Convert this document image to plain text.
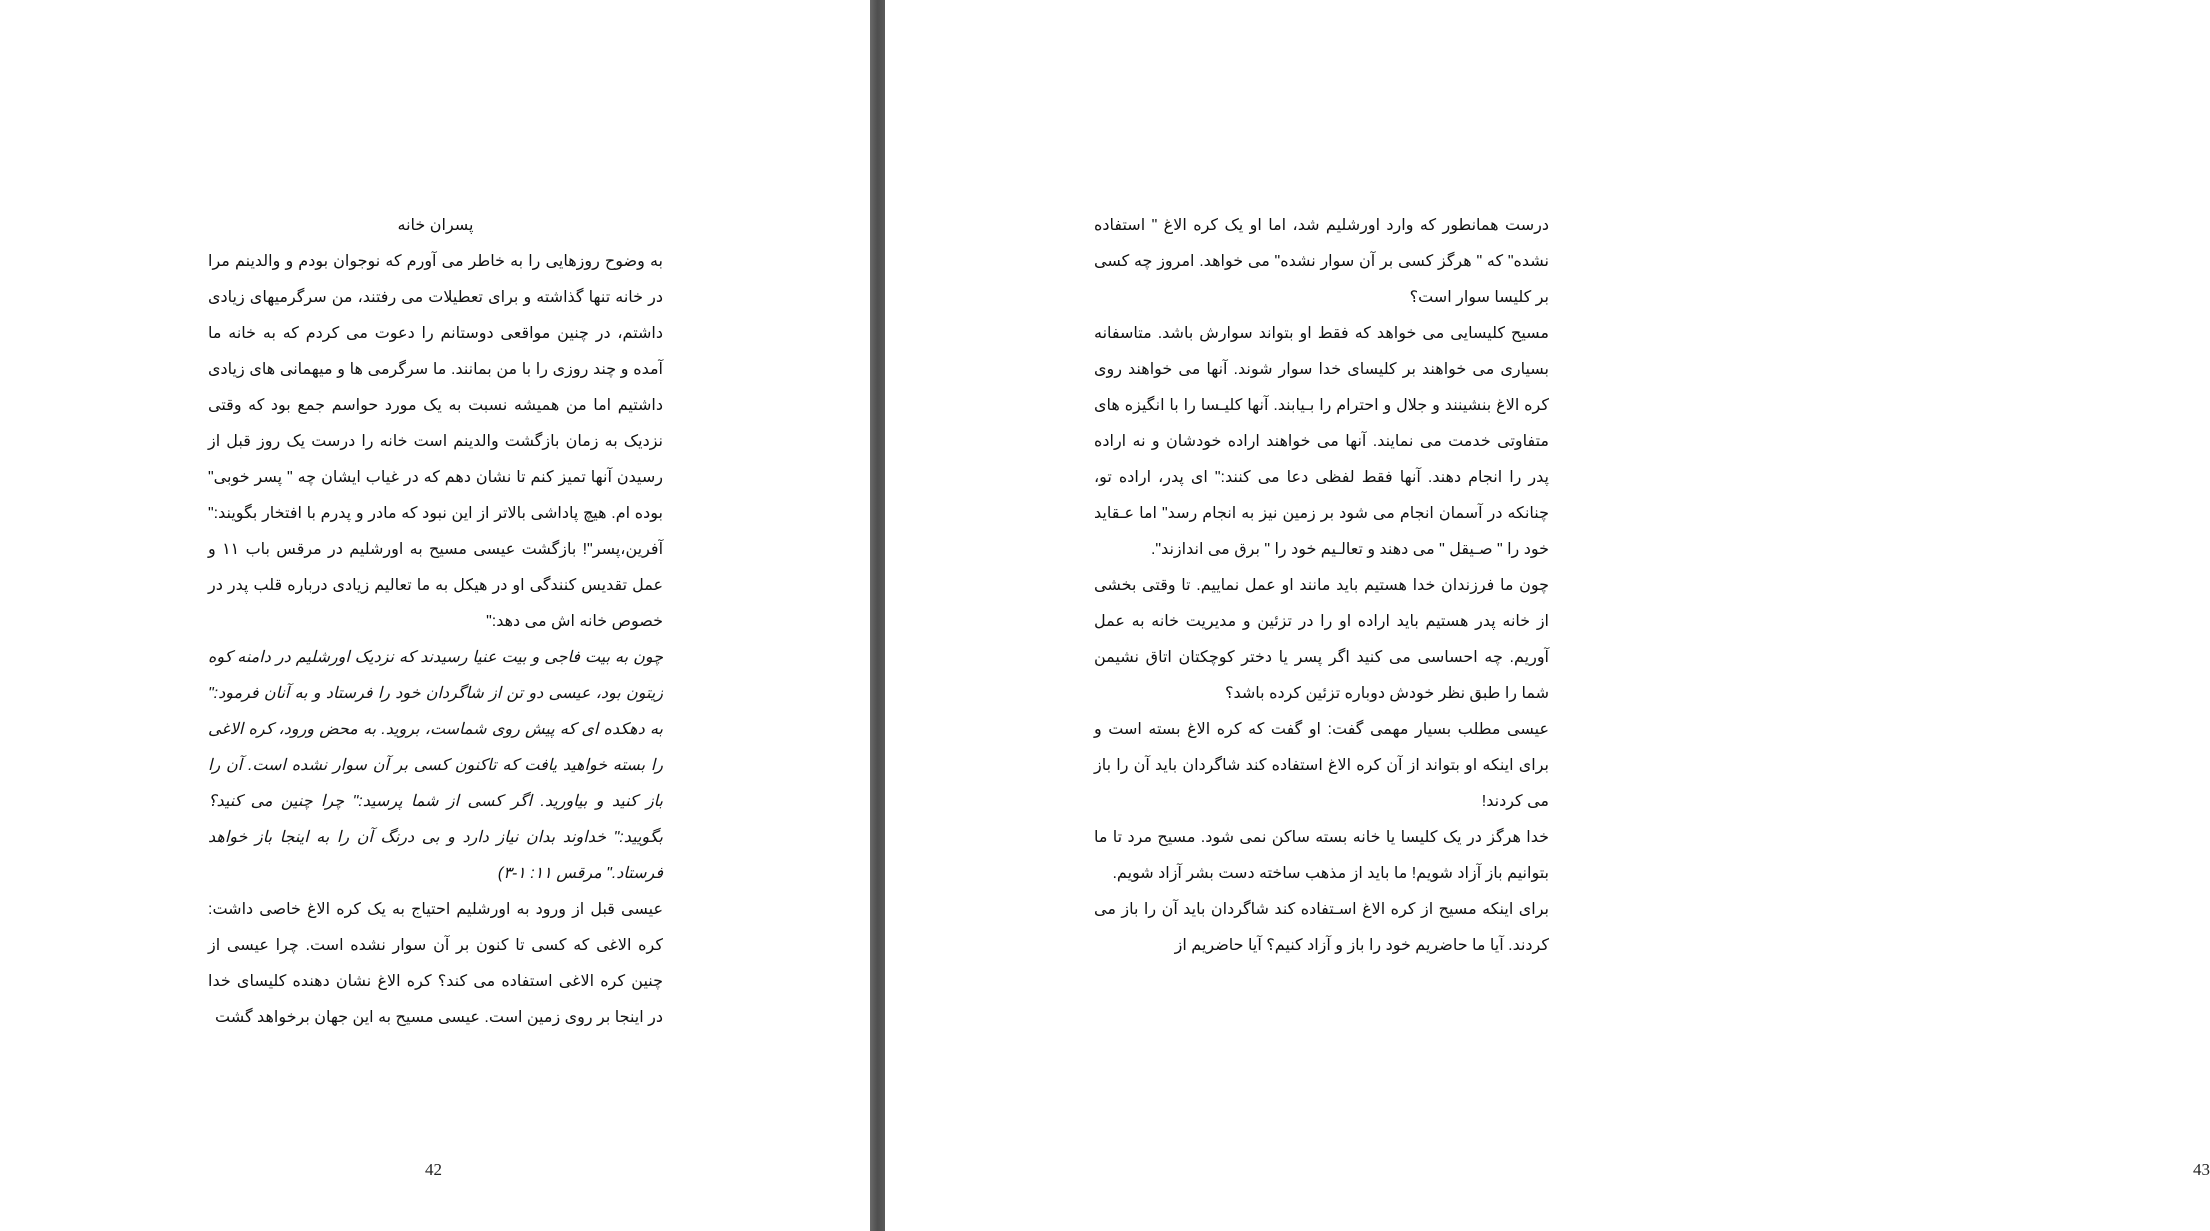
پسران خانه

به وضوح روزهایی را به خاطر می آورم که نوجوان بودم و والدینم مرا در خانه تنها گذاشته و برای تعطیلات می رفتند، من سرگرمیهای زیادی داشتم، در چنین مواقعی دوستانم را دعوت می کردم که به خانه ما آمده و چند روزی را با من بمانند. ما سرگرمی ها و میهمانی های زیادی داشتیم اما من همیشه نسبت به یک مورد حواسم جمع بود که وقتی نزدیک به زمان بازگشت والدینم است خانه را درست یک روز قبل از رسیدن آنها تمیز کنم تا نشان دهم که در غیاب ایشان چه " پسر خوبی" بوده ام. هیچ پاداشی بالاتر از این نبود که مادر و پدرم با افتخار بگویند:" آفرین،پسر"! بازگشت عیسی مسیح به اورشلیم در مرقس باب ۱۱ و عمل تقدیس کنندگی او در هیکل به ما تعالیم زیادی درباره قلب پدر در خصوص خانه اش می دهد:"

چون به بیت فاجی و بیت عنیا رسیدند که نزدیک اورشلیم در دامنه کوه زیتون بود، عیسی دو تن از شاگردان خود را فرستاد و به آنان فرمود:" به دهکده ای که پیش روی شماست، بروید. به محض ورود، کره الاغی را بسته خواهید یافت که تاکنون کسی بر آن سوار نشده است. آن را باز کنید و بیاورید. اگر کسی از شما پرسید:" چرا چنین می کنید؟ بگویید:" خداوند بدان نیاز دارد و بی درنگ آن را به اینجا باز خواهد فرستاد." مرقس ۱۱: ۱-۳)

عیسی قبل از ورود به اورشلیم احتیاج به یک کره الاغ خاصی داشت: کره الاغی که کسی تا کنون بر آن سوار نشده است. چرا عیسی از چنین کره الاغی استفاده می کند؟ کره الاغ نشان دهنده کلیسای خدا در اینجا بر روی زمین است. عیسی مسیح به این جهان برخواهد گشت

42	43

درست همانطور که وارد اورشلیم شد، اما او یک کره الاغ " استفاده نشده" که " هرگز کسی بر آن سوار نشده" می خواهد. امروز چه کسی بر کلیسا سوار است؟

مسیح کلیسایی می خواهد که فقط او بتواند سوارش باشد. متاسفانه بسیاری می خواهند بر کلیسای خدا سوار شوند. آنها می خواهند روی کره الاغ بنشینند و جلال و احترام را بـیابند. آنها کلیـسا را با انگیزه های متفاوتی خدمت می نمایند. آنها می خواهند اراده خودشان و نه اراده پدر را انجام دهند. آنها فقط لفظی دعا می کنند:" ای پدر، اراده تو، چنانکه در آسمان انجام می شود بر زمین نیز به انجام رسد" اما عـقاید خود را " صـیقل " می دهند و تعالـیم خود را " برق می اندازند".

چون ما فرزندان خدا هستیم باید مانند او عمل نماییم. تا وقتی بخشی از خانه پدر هستیم باید اراده او را در تزئین و مدیریت خانه به عمل آوریم. چه احساسی می کنید اگر پسر یا دختر کوچکتان اتاق نشیمن شما را طبق نظر خودش دوباره تزئین کرده باشد؟

عیسی مطلب بسیار مهمی گفت: او گفت که کره الاغ بسته است و برای اینکه او بتواند از آن کره الاغ استفاده کند شاگردان باید آن را باز می کردند!

خدا هرگز در یک کلیسا یا خانه بسته ساکن نمی شود. مسیح مرد تا ما بتوانیم باز آزاد شویم! ما باید از مذهب ساخته دست بشر آزاد شویم.

برای اینکه مسیح از کره الاغ اسـتفاده کند شاگردان باید آن را باز می کردند. آیا ما حاضریم خود را باز و آزاد کنیم؟ آیا حاضریم از
